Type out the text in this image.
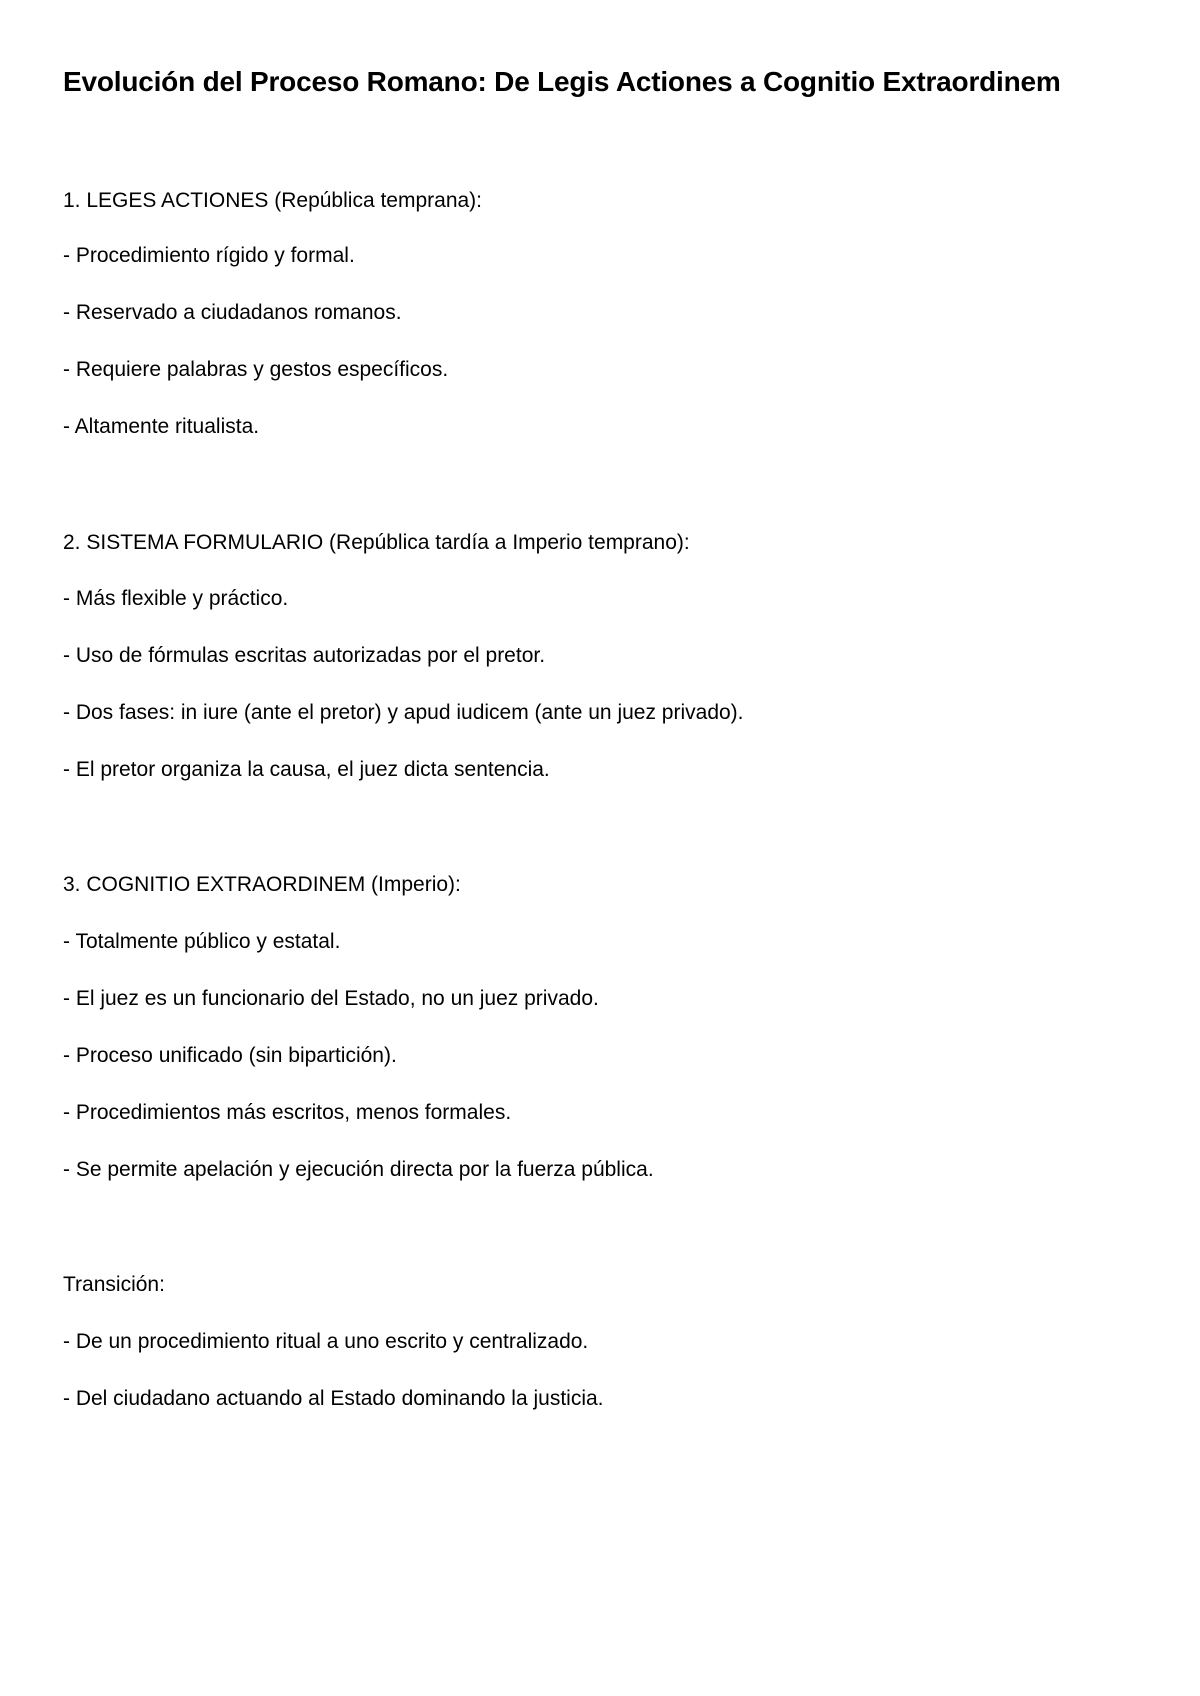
Evolución del Proceso Romano: De Legis Actiones a Cognitio Extraordinem

1. LEGES ACTIONES (República temprana):

- Procedimiento rígido y formal.

- Reservado a ciudadanos romanos.

- Requiere palabras y gestos específicos.

- Altamente ritualista.

2. SISTEMA FORMULARIO (República tardía a Imperio temprano):

- Más flexible y práctico.

- Uso de fórmulas escritas autorizadas por el pretor.

- Dos fases: in iure (ante el pretor) y apud iudicem (ante un juez privado).

- El pretor organiza la causa, el juez dicta sentencia.

3. COGNITIO EXTRAORDINEM (Imperio):

- Totalmente público y estatal.

- El juez es un funcionario del Estado, no un juez privado.

- Proceso unificado (sin bipartición).

- Procedimientos más escritos, menos formales.

- Se permite apelación y ejecución directa por la fuerza pública.

Transición:

- De un procedimiento ritual a uno escrito y centralizado.

- Del ciudadano actuando al Estado dominando la justicia.
